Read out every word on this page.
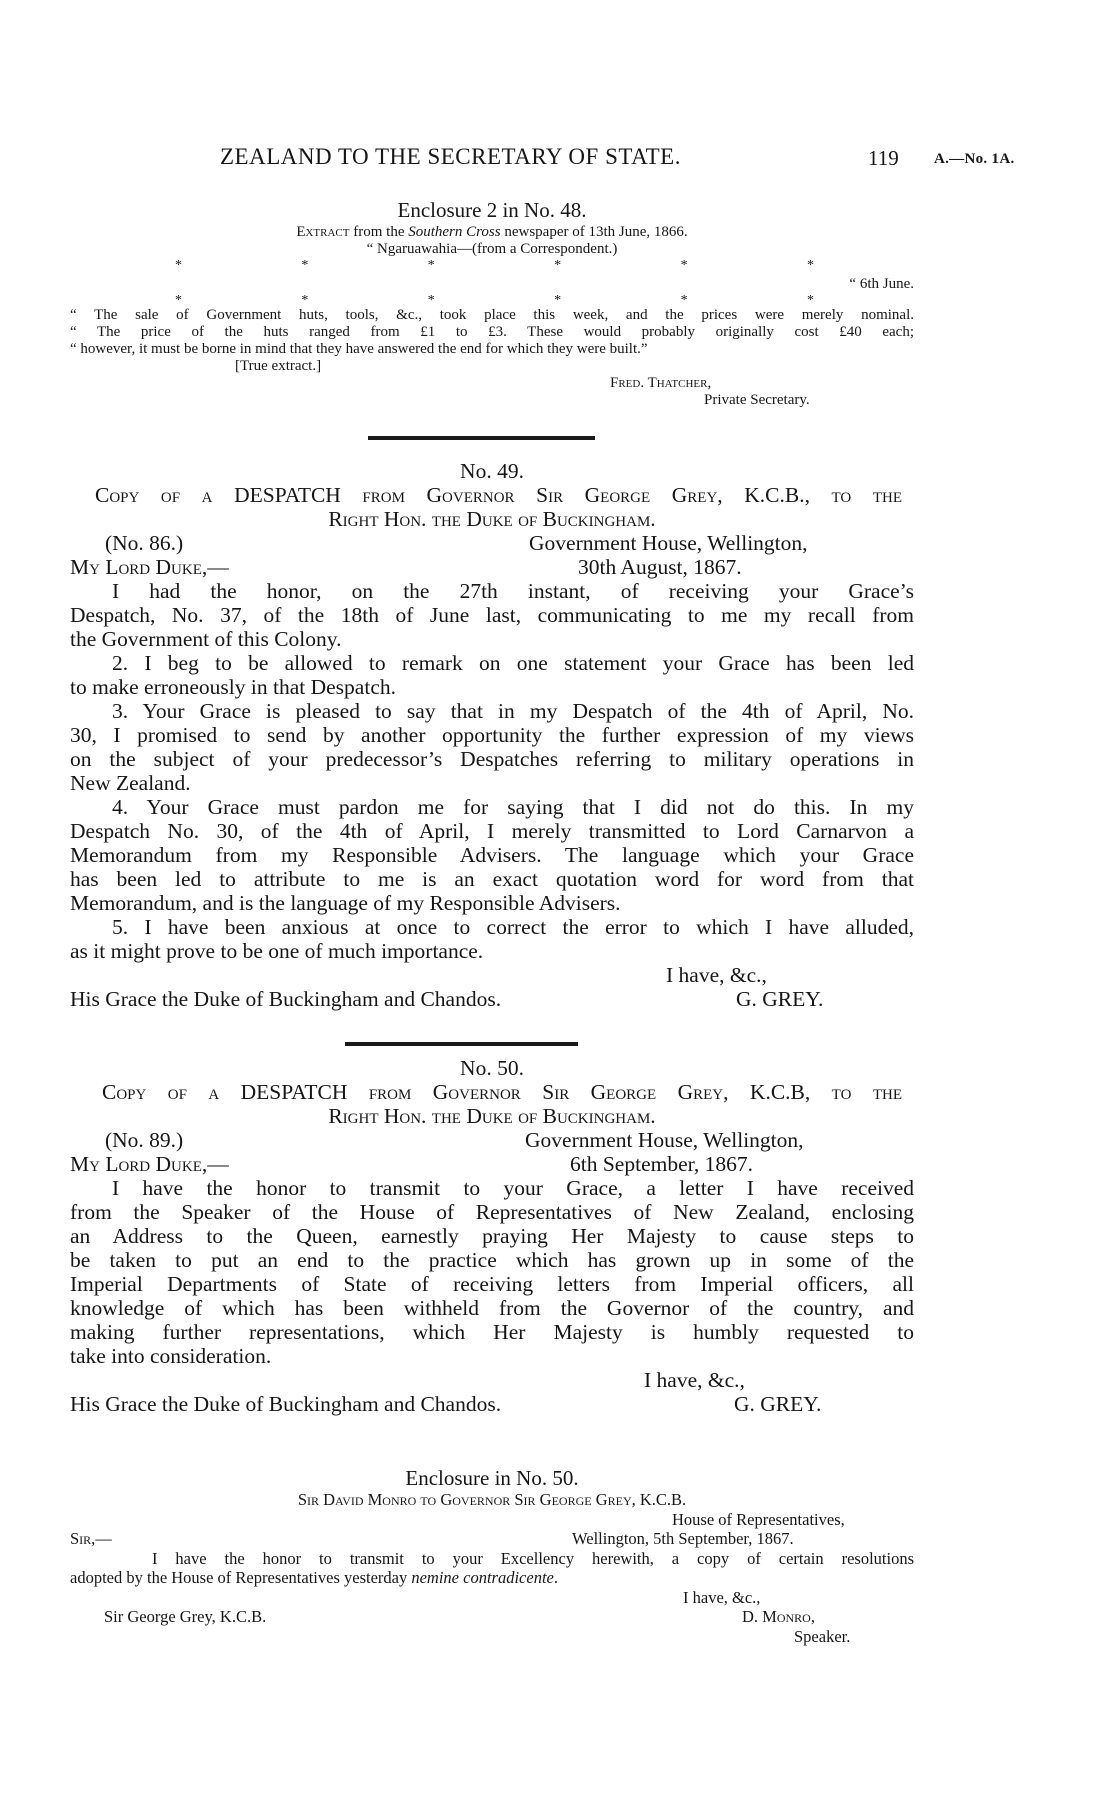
ZEALAND TO THE SECRETARY OF STATE.	119 A.—No. 1A.
Enclosure 2 in No. 48.
Extract from the Southern Cross newspaper of 13th June, 1866.
“ Ngaruawahia—(from a Correspondent.)
*	*	*	*	*	*
“ 6th June.
*	*	*	*	*	*
“ The sale of Government huts, tools, &c., took place this week, and the prices were merely nominal.
“ The price of the huts ranged from £1 to £3. These would probably originally cost £40 each;
“ however, it must be borne in mind that they have answered the end for which they were built.”
[True extract.]
Fred. Thatcher,
Private Secretary.
No. 49.
Copy of a DESPATCH from Governor Sir George Grey, K.C.B., to the
Right Hon. the Duke of Buckingham.
(No. 86.)	Government House, Wellington,
My Lord Duke,—	30th August, 1867.
I had the honor, on the 27th instant, of receiving your Grace’s
Despatch, No. 37, of the 18th of June last, communicating to me my recall from
the Government of this Colony.
2. I beg to be allowed to remark on one statement your Grace has been led
to make erroneously in that Despatch.
3. Your Grace is pleased to say that in my Despatch of the 4th of April, No.
30, I promised to send by another opportunity the further expression of my views
on the subject of your predecessor’s Despatches referring to military operations in
New Zealand.
4. Your Grace must pardon me for saying that I did not do this. In my
Despatch No. 30, of the 4th of April, I merely transmitted to Lord Carnarvon a
Memorandum from my Responsible Advisers. The language which your Grace
has been led to attribute to me is an exact quotation word for word from that
Memorandum, and is the language of my Responsible Advisers.
5. I have been anxious at once to correct the error to which I have alluded,
as it might prove to be one of much importance.
I have, &c.,
His Grace the Duke of Buckingham and Chandos.	G. GREY.
No. 50.
Copy of a DESPATCH from Governor Sir George Grey, K.C.B, to the
Right Hon. the Duke of Buckingham.
(No. 89.)	Government House, Wellington,
My Lord Duke,—	6th September, 1867.
I have the honor to transmit to your Grace, a letter I have received
from the Speaker of the House of Representatives of New Zealand, enclosing
an Address to the Queen, earnestly praying Her Majesty to cause steps to
be taken to put an end to the practice which has grown up in some of the
Imperial Departments of State of receiving letters from Imperial officers, all
knowledge of which has been withheld from the Governor of the country, and
making further representations, which Her Majesty is humbly requested to
take into consideration.
I have, &c.,
His Grace the Duke of Buckingham and Chandos.	G. GREY.
Enclosure in No. 50.
Sir David Monro to Governor Sir George Grey, K.C.B.
House of Representatives,
Sir,—	Wellington, 5th September, 1867.
I have the honor to transmit to your Excellency herewith, a copy of certain resolutions
adopted by the House of Representatives yesterday nemine contradicente.
I have, &c.,
Sir George Grey, K.C.B.	D. Monro,
Speaker.
